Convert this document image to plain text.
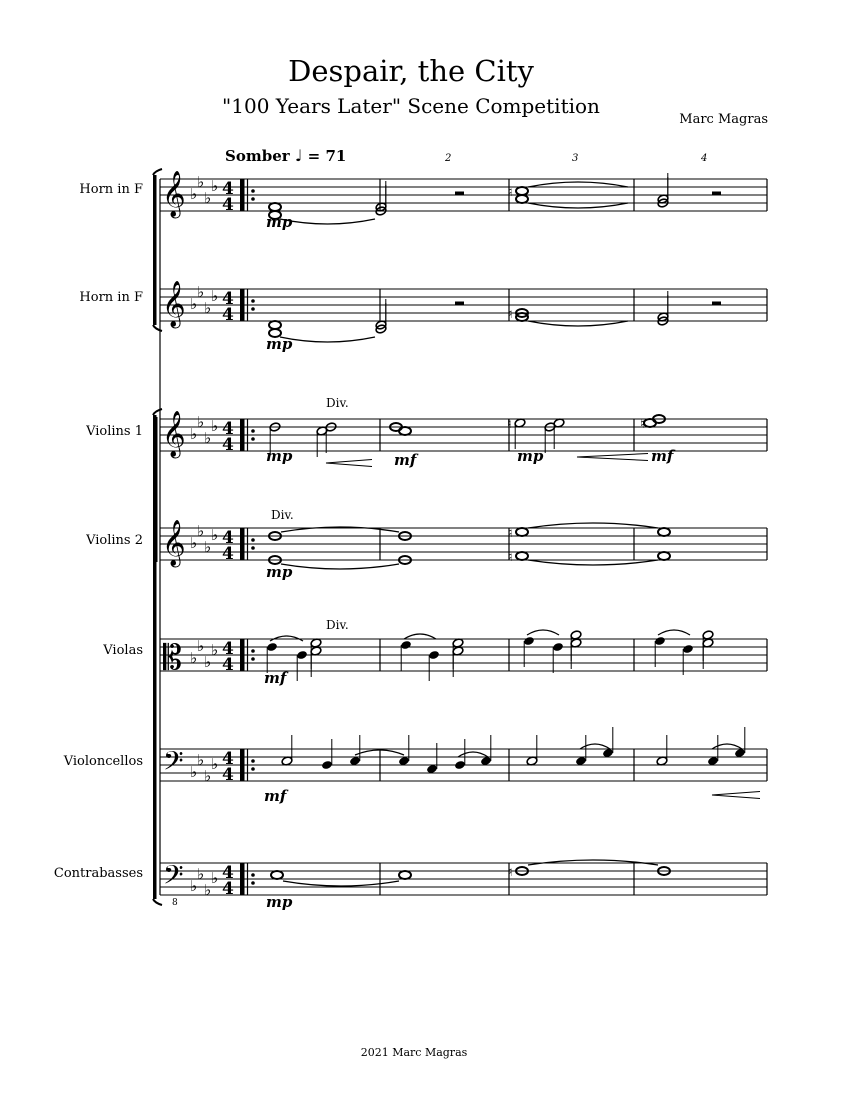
Despair, the City
"100 Years Later" Scene Competition
Marc Magras
Somber ♩ = 71	2	3	4
Horn in F
Horn in F
Violins 1
Violins 2
Violas
Violoncellos
Contrabasses
Div.
Div.
Div.
2021 Marc Magras
𝄞 ♭
♭
♭
♭ 4
4
𝄞 ♭
♭
♭
♭ 4
4
𝄞 ♭
♭
♭
♭ 4
4
𝄞 ♭
♭
♭
♭ 4
4
𝄡 ♭
♭
♭
♭ 4
4
𝄢 ♭
♭
♭
♭ 4
4
𝄢
8
♭
♭
♭
♭ 4
4
♮
mp
♮
mp
♮	♮
mp	mf	mp	mf
♮
♮
mp
mf
mf
♮
mp
